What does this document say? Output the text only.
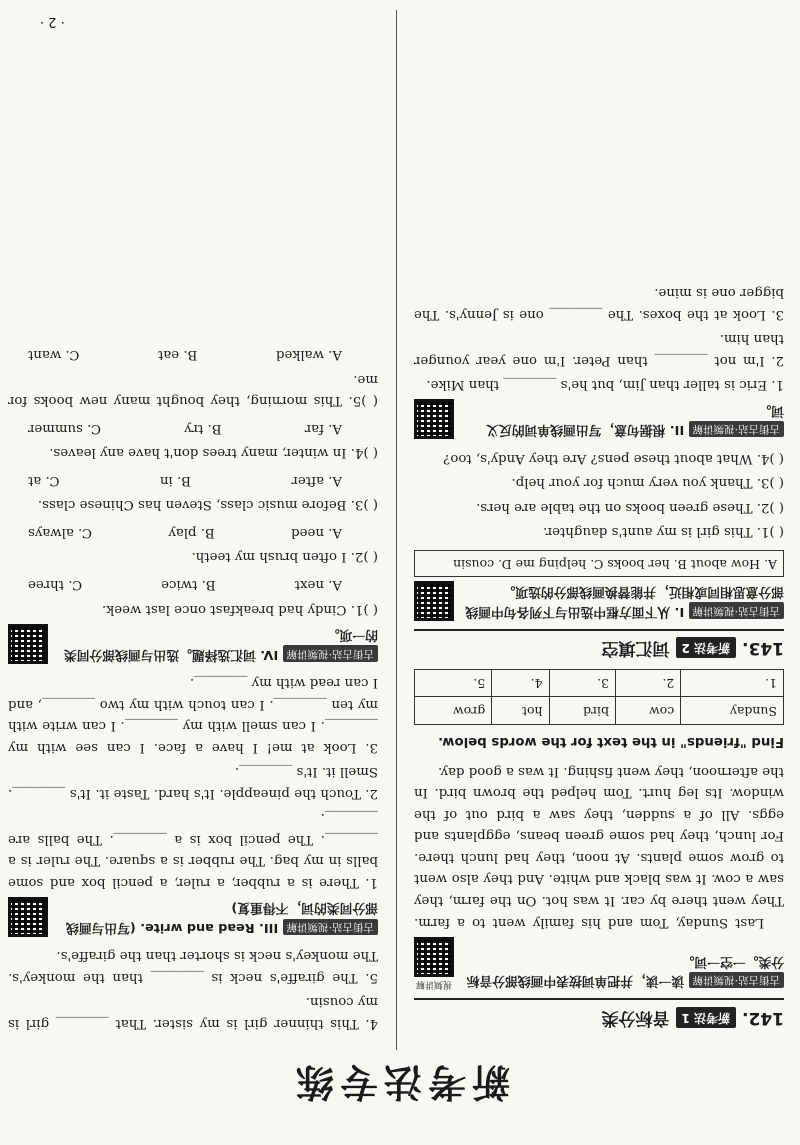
新考法专练
142.
新考法 1
音标分类
古街古站·视频讲解 读一读，并把单词按表中画线部分音标分类。一空一词。
视频讲解

Last Sunday, Tom and his family went to a farm. They went there by car. It was hot. On the farm, they saw a cow. It was black and white. And they also went to grow some plants. At noon, they had lunch there. For lunch, they had some green beans, eggplants and eggs. All of a sudden, they saw a bird out of the window. Its leg hurt. Tom helped the brown bird. In the afternoon, they went fishing. It was a good day.

Find "friends" in the text for the words below.
Sunday	cow	bird	hot	grow
1.	2.	3.	4.	5.
143.
新考法 2
词汇填空
古街古站·视频讲解 I. 从下面方框中选出与下列各句中画线部分意思相同或相近，并能替换画线部分的选项。
A. How about B. her books C. helping me D. cousin
( )1. This girl is my aunt's daughter.
( )2. These green books on the table are hers.
( )3. Thank you very much for your help.
( )4. What about these pens? Are they Andy's, too?
古街古站·视频讲解 II. 根据句意，写出画线单词的反义词。
1. Eric is taller than Jim, but he's ________ than Mike.
2. I'm not ________ than Peter. I'm one year younger than him.
3. Look at the boxes. The ________ one is Jenny's. The bigger one is mine.
4. This thinner girl is my sister. That ________ girl is my cousin.
5. The giraffe's neck is ________ than the monkey's. The monkey's neck is shorter than the giraffe's.
古街古站·视频讲解 III. Read and write. (写出与画线部分同类的词，不得重复)
1. There is a rubber, a ruler, a pencil box and some balls in my bag. The rubber is a square. The ruler is a ________. The pencil box is a ________. The balls are ________.
2. Touch the pineapple. It's hard. Taste it. It's ________. Smell it. It's ________.
3. Look at me! I have a face. I can see with my ________. I can smell with my ________. I can write with my ten ________. I can touch with my two ________, and I can read with my ________.
古街古站·视频讲解 IV. 词汇选择题。选出与画线部分同类的一项。
( )1. Cindy had breakfast once last week.
A. next
B. twice
C. three
( )2. I often brush my teeth.
A. need
B. play
C. always
( )3. Before music class, Steven has Chinese class.
A. after
B. in
C. at
( )4. In winter, many trees don't have any leaves.
A. far
B. try
C. summer
( )5. This morning, they bought many new books for me.
A. walked
B. eat
C. want
· 2 ·
